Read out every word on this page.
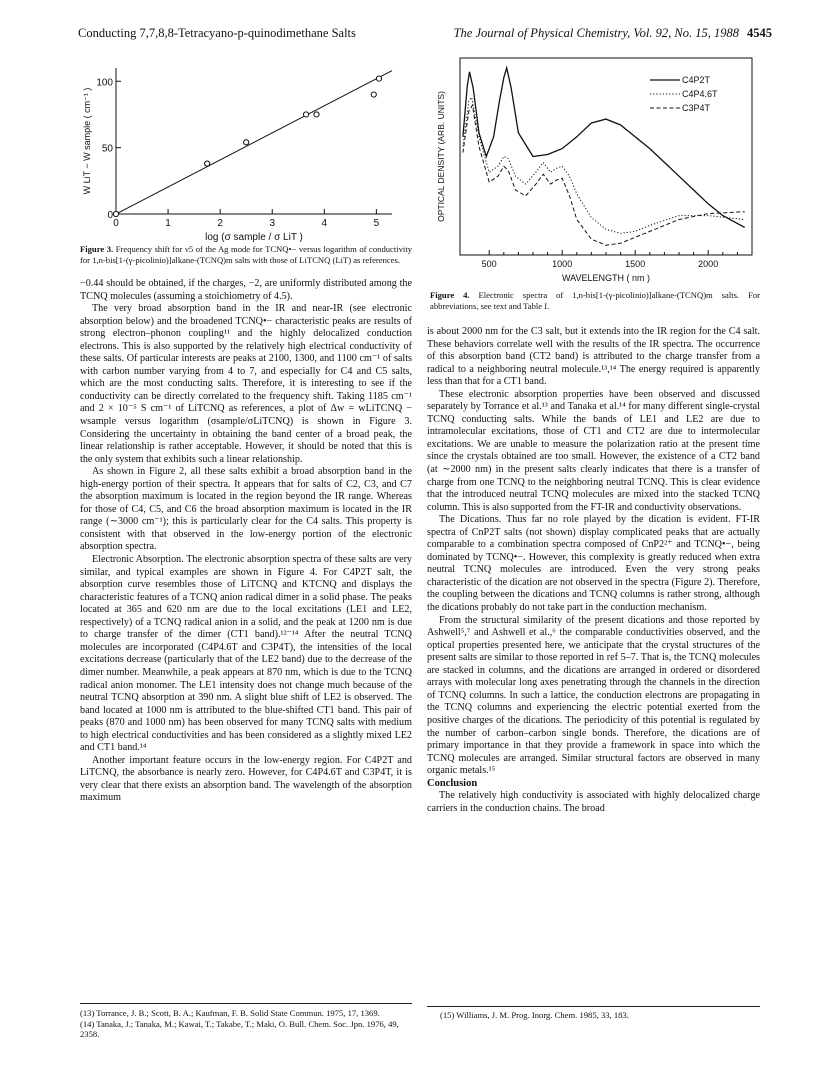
Conducting 7,7,8,8-Tetracyano-p-quinodimethane Salts	The Journal of Physical Chemistry, Vol. 92, No. 15, 1988 4545
0	1	2	3	4	5
0
50
100
log (σ sample / σ LiT )
W LiT − W sample ( cm⁻¹ )
Figure 3. Frequency shift for ν5 of the Ag mode for TCNQ•− versus logarithm of conductivity for 1,n-bis[1-(γ-picolinio)]alkane-(TCNQ)m salts with those of LiTCNQ (LiT) as references.	500	1000	1500	2000
C4P2T
C4P4.6T
C3P4T
WAVELENGTH ( nm )
OPTICAL DENSITY (ARB. UNITS)
Figure 4. Electronic spectra of 1,n-bis[1-(γ-picolinio)]alkane-(TCNQ)m salts. For abbreviations, see text and Table I.

−0.44 should be obtained, if the charges, −2, are uniformly distributed among the TCNQ molecules (assuming a stoichiometry of 4.5).

The very broad absorption band in the IR and near-IR (see electronic absorption below) and the broadened TCNQ•− characteristic peaks are results of strong electron–phonon coupling¹¹ and the highly delocalized conduction electrons. This is also supported by the relatively high electrical conductivity of these salts. Of particular interests are peaks at 2100, 1300, and 1100 cm⁻¹ of salts with carbon number varying from 4 to 7, and especially for C4 and C5 salts, which are the most conducting salts. Therefore, it is interesting to see if the conductivity can be directly correlated to the frequency shift. Taking 1185 cm⁻¹ and 2 × 10⁻⁵ S cm⁻¹ of LiTCNQ as references, a plot of Δw = wLiTCNQ − wsample versus logarithm (σsample/σLiTCNQ) is shown in Figure 3. Considering the uncertainty in obtaining the band center of a broad peak, the linear relationship is rather acceptable. However, it should be noted that this is the only system that exhibits such a linear relationship.

As shown in Figure 2, all these salts exhibit a broad absorption band in the high-energy portion of their spectra. It appears that for salts of C2, C3, and C7 the absorption maximum is located in the region beyond the IR range. Whereas for those of C4, C5, and C6 the broad absorption maximum is located in the IR range (∼3000 cm⁻¹); this is particularly clear for the C4 salts. This property is consistent with that observed in the low-energy portion of the electronic absorption spectra.

Electronic Absorption. The electronic absorption spectra of these salts are very similar, and typical examples are shown in Figure 4. For C4P2T salt, the absorption curve resembles those of LiTCNQ and KTCNQ and displays the characteristic features of a TCNQ anion radical dimer in a solid phase. The peaks located at 365 and 620 nm are due to the local excitations (LE1 and LE2, respectively) of a TCNQ radical anion in a solid, and the peak at 1200 nm is due to charge transfer of the dimer (CT1 band).¹²⁻¹⁴ After the neutral TCNQ molecules are incorporated (C4P4.6T and C3P4T), the intensities of the local excitations decrease (particularly that of the LE2 band) due to the decrease of the dimer number. Meanwhile, a peak appears at 870 nm, which is due to the TCNQ radical anion monomer. The LE1 intensity does not change much because of the neutral TCNQ absorption at 390 nm. A slight blue shift of LE2 is observed. The band located at 1000 nm is attributed to the blue-shifted CT1 band. This pair of peaks (870 and 1000 nm) has been observed for many TCNQ salts with medium to high electrical conductivities and has been considered as a slightly mixed LE2 and CT1 band.¹⁴

Another important feature occurs in the low-energy region. For C4P2T and LiTCNQ, the absorbance is nearly zero. However, for C4P4.6T and C3P4T, it is very clear that there exists an absorption band. The wavelength of the absorption maximum

(13) Torrance, J. B.; Scott, B. A.; Kaufman, F. B. Solid State Commun. 1975, 17, 1369.
(14) Tanaka, J.; Tanaka, M.; Kawai, T.; Takabe, T.; Maki, O. Bull. Chem. Soc. Jpn. 1976, 49, 2358.

is about 2000 nm for the C3 salt, but it extends into the IR region for the C4 salt. These behaviors correlate well with the results of the IR spectra. The occurrence of this absorption band (CT2 band) is attributed to the charge transfer from a radical to a neighboring neutral molecule.¹³,¹⁴ The energy required is apparently less than that for a CT1 band.

These electronic absorption properties have been observed and discussed separately by Torrance et al.¹³ and Tanaka et al.¹⁴ for many different single-crystal TCNQ conducting salts. While the bands of LE1 and LE2 are due to intramolecular excitations, those of CT1 and CT2 are due to intermolecular excitations. We are unable to measure the polarization ratio at the present time since the crystals obtained are too small. However, the existence of a CT2 band (at ∼2000 nm) in the present salts clearly indicates that there is a transfer of charge from one TCNQ to the neighboring neutral TCNQ. This is clear evidence that the introduced neutral TCNQ molecules are mixed into the stacked TCNQ column. This is also supported from the FT-IR and conductivity observations.

The Dications. Thus far no role played by the dication is evident. FT-IR spectra of CnP2T salts (not shown) display complicated peaks that are actually comparable to a combination spectra composed of CnP2²⁺ and TCNQ•−, being dominated by TCNQ•−. However, this complexity is greatly reduced when extra neutral TCNQ molecules are introduced. Even the very strong peaks characteristic of the dication are not observed in the spectra (Figure 2). Therefore, the coupling between the dications and TCNQ columns is rather strong, although the dications probably do not take part in the conduction mechanism.

From the structural similarity of the present dications and those reported by Ashwell⁵,⁷ and Ashwell et al.,⁶ the comparable conductivities observed, and the optical properties presented here, we anticipate that the crystal structures of the present salts are similar to those reported in ref 5–7. That is, the TCNQ molecules are stacked in columns, and the dications are arranged in ordered or disordered arrays with molecular long axes penetrating through the channels in the direction of TCNQ columns. In such a lattice, the conduction electrons are propagating in the TCNQ columns and experiencing the electric potential exerted from the positive charges of the dications. The periodicity of this potential is regulated by the number of carbon–carbon single bonds. Therefore, the dications are of primary importance in that they provide a framework in space into which the TCNQ molecules are arranged. Similar structural factors are observed in many organic metals.¹⁵

Conclusion

The relatively high conductivity is associated with highly delocalized charge carriers in the conduction chains. The broad

(15) Williams, J. M. Prog. Inorg. Chem. 1985, 33, 183.
